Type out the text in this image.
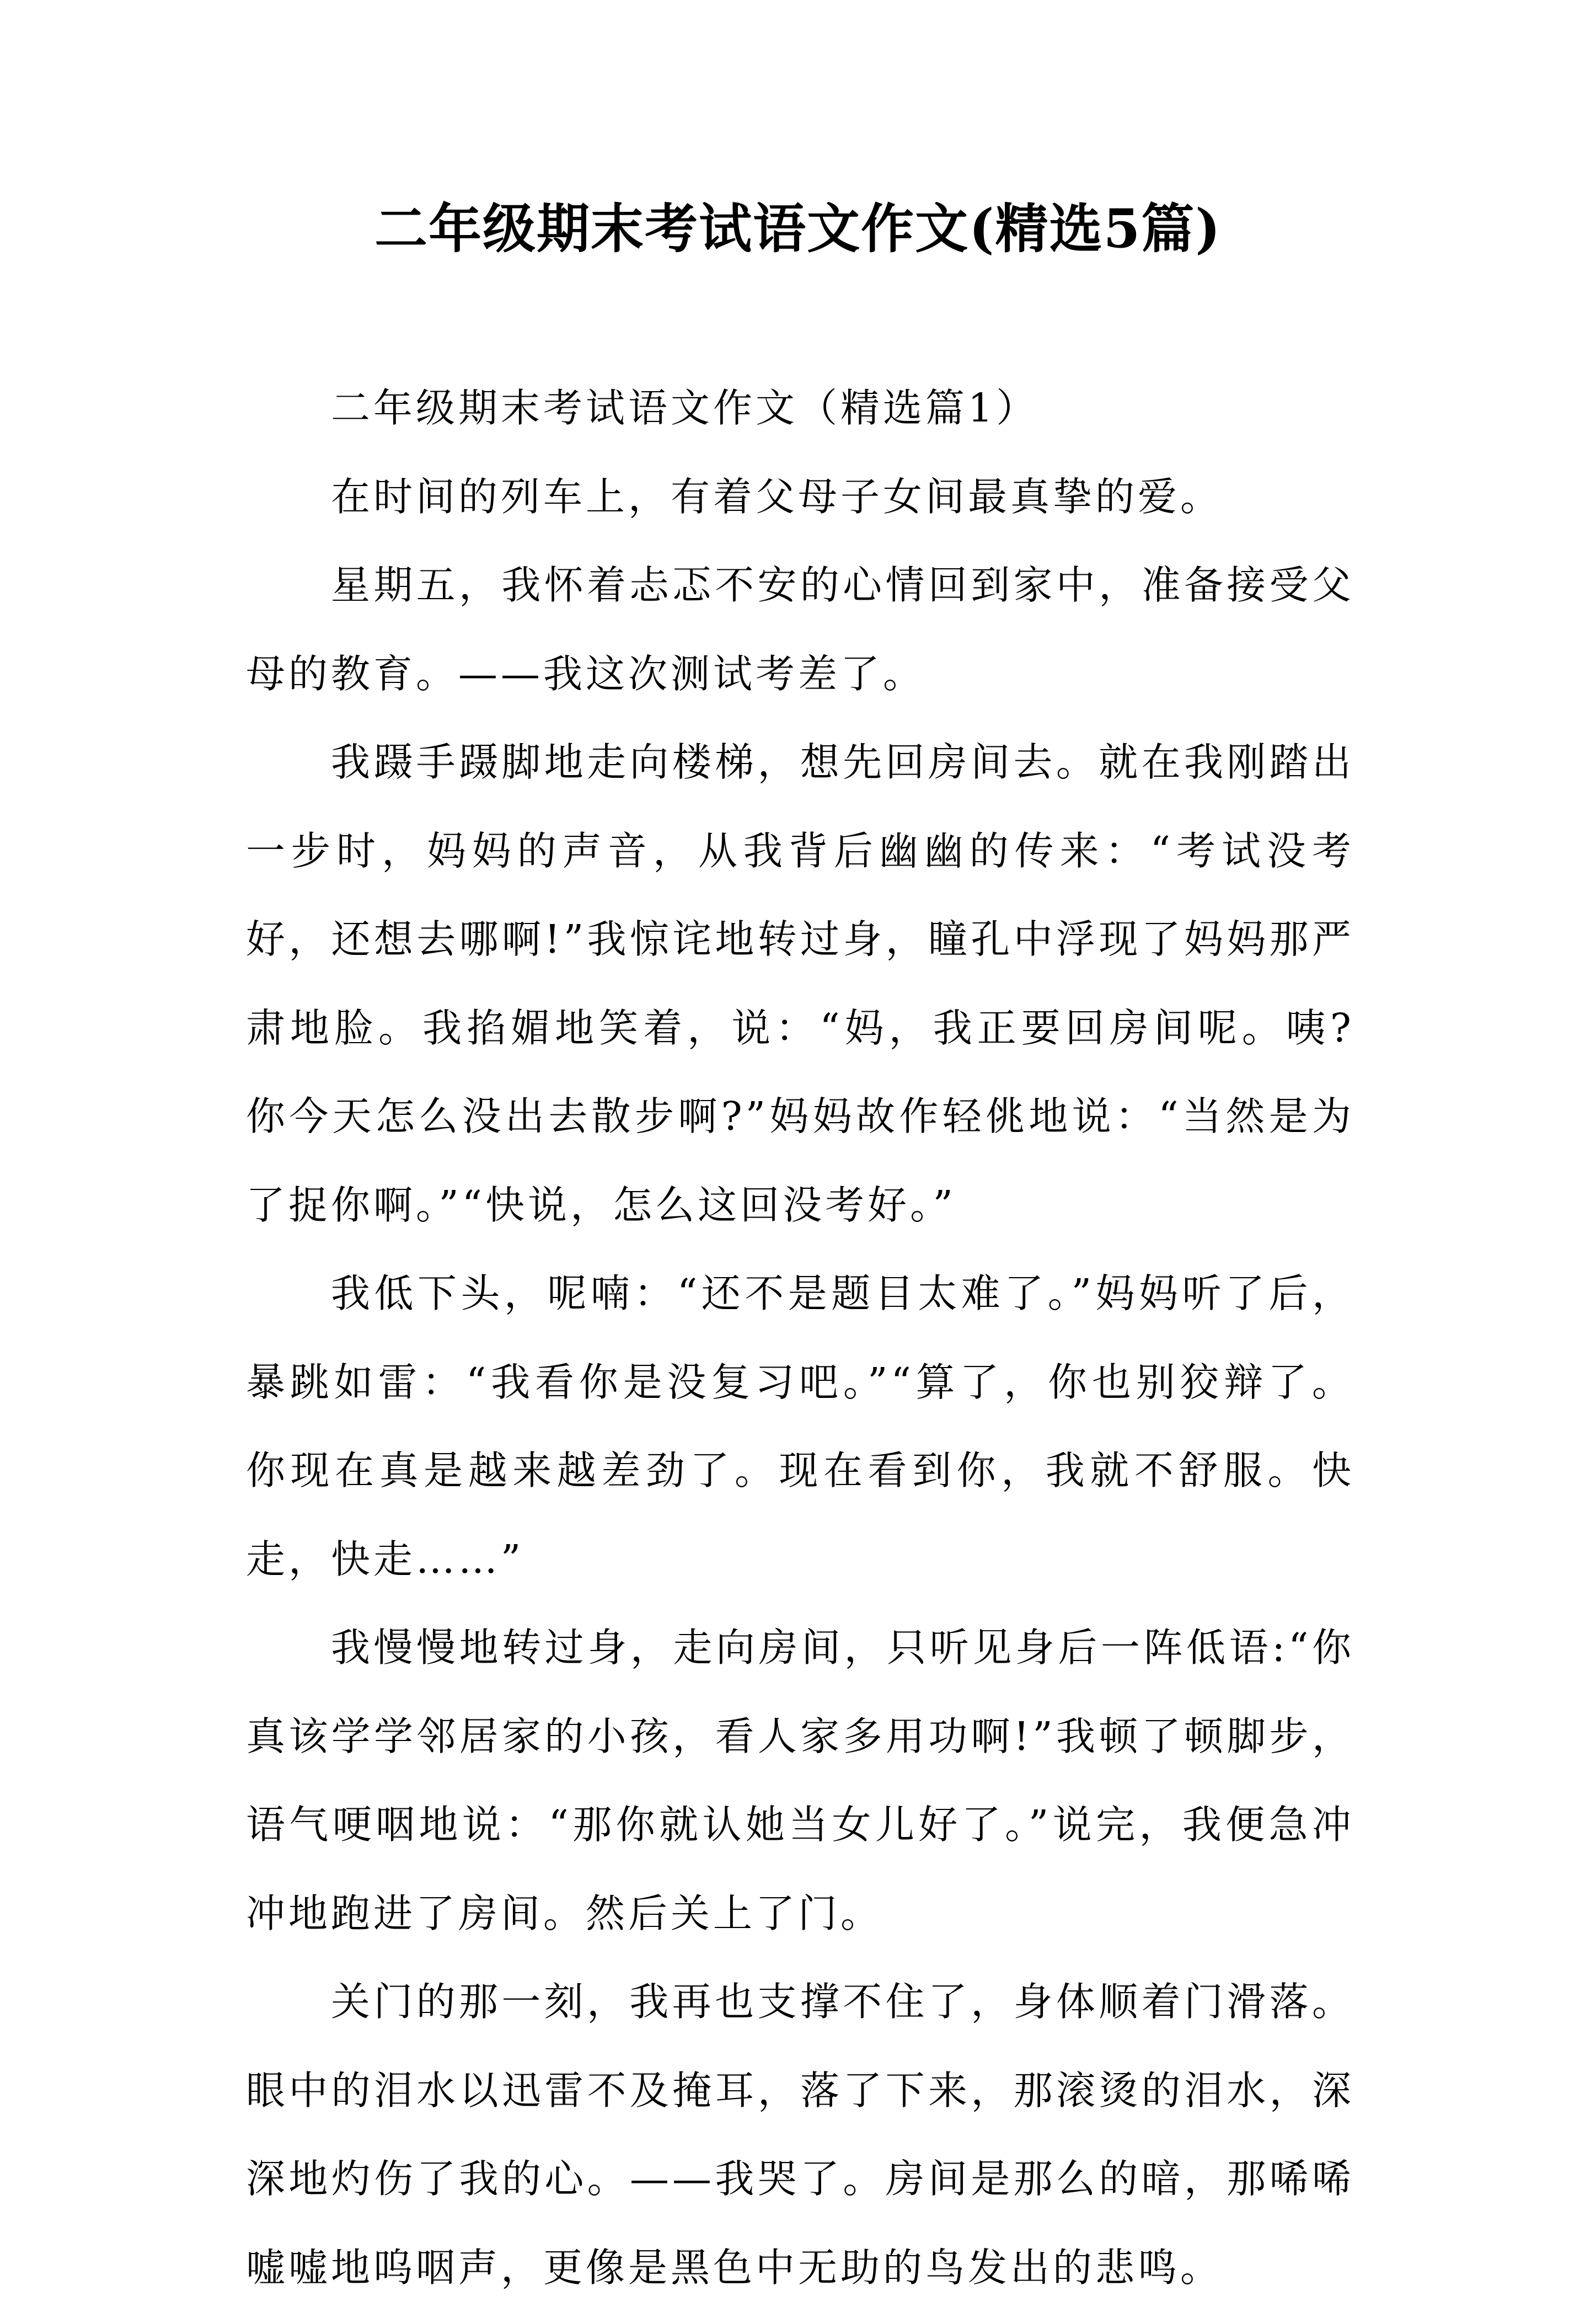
二年级期末考试语文作文(精选5篇)

二年级期末考试语文作文（精选篇1）

在时间的列车上，有着父母子女间最真挚的爱。

星期五，我怀着忐忑不安的心情回到家中，准备接受父母的教育。——我这次测试考差了。

我蹑手蹑脚地走向楼梯，想先回房间去。就在我刚踏出一步时，妈妈的声音，从我背后幽幽的传来：“考试没考好，还想去哪啊!”我惊诧地转过身，瞳孔中浮现了妈妈那严肃地脸。我掐媚地笑着，说：“妈，我正要回房间呢。咦?你今天怎么没出去散步啊?”妈妈故作轻佻地说：“当然是为了捉你啊。”“快说，怎么这回没考好。”

我低下头，呢喃：“还不是题目太难了。”妈妈听了后，暴跳如雷：“我看你是没复习吧。”“算了，你也别狡辩了。你现在真是越来越差劲了。现在看到你，我就不舒服。快走，快走……”

我慢慢地转过身，走向房间，只听见身后一阵低语:“你真该学学邻居家的小孩，看人家多用功啊!”我顿了顿脚步，语气哽咽地说：“那你就认她当女儿好了。”说完，我便急冲冲地跑进了房间。然后关上了门。

关门的那一刻，我再也支撑不住了，身体顺着门滑落。眼中的泪水以迅雷不及掩耳，落了下来，那滚烫的泪水，深深地灼伤了我的心。——我哭了。房间是那么的暗，那唏唏嘘嘘地呜咽声，更像是黑色中无助的鸟发出的悲鸣。
